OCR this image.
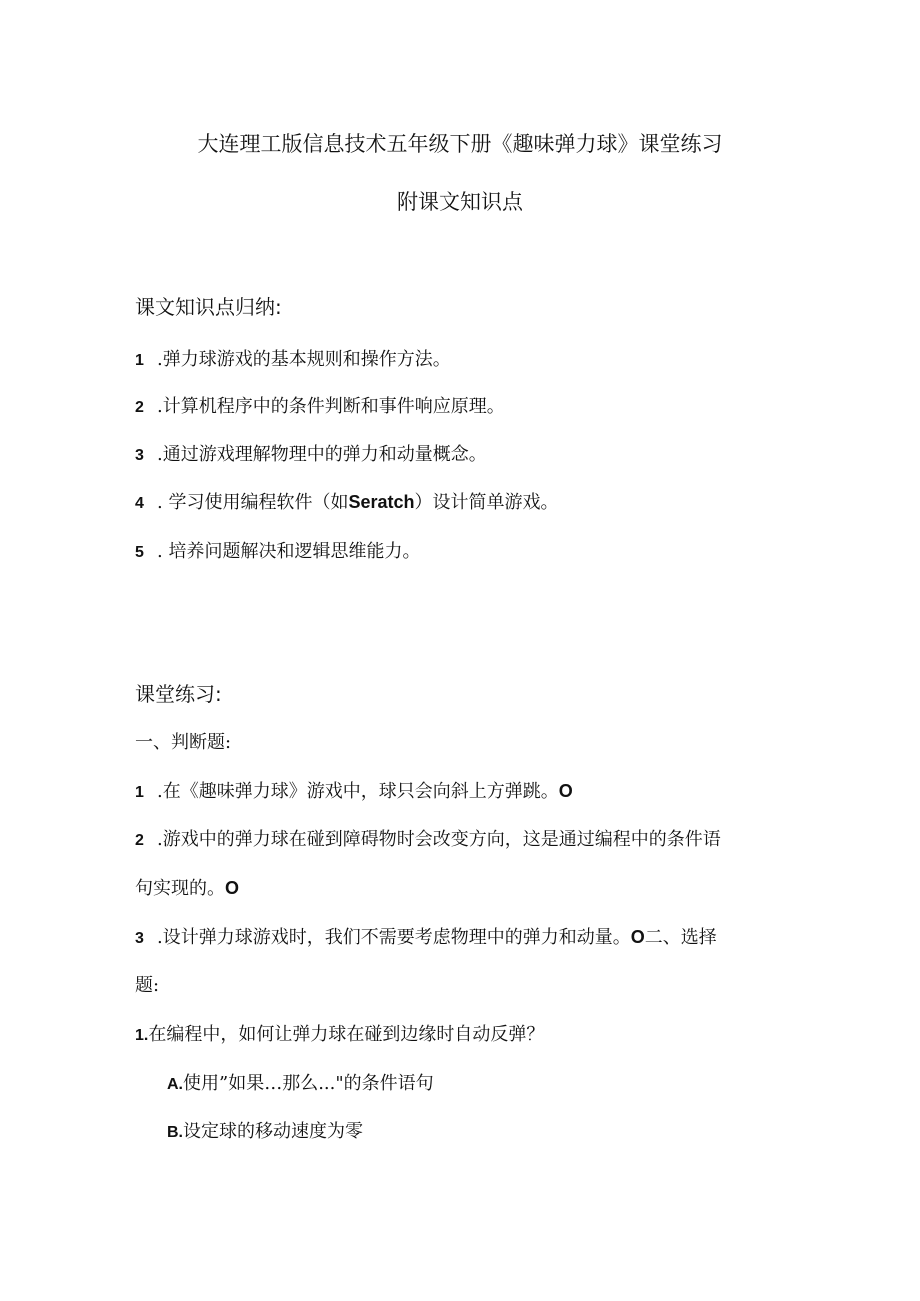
大连理工版信息技术五年级下册《趣味弹力球》课堂练习
附课文知识点
课文知识点归纳:
1 .弹力球游戏的基本规则和操作方法。
2 .计算机程序中的条件判断和事件响应原理。
3 .通过游戏理解物理中的弹力和动量概念。
4 . 学习使用编程软件（如Seratch）设计简单游戏。
5 . 培养问题解决和逻辑思维能力。
课堂练习:
一、判断题:
1 .在《趣味弹力球》游戏中，球只会向斜上方弹跳。O
2 .游戏中的弹力球在碰到障碍物时会改变方向，这是通过编程中的条件语
句实现的。O
3 .设计弹力球游戏时，我们不需要考虑物理中的弹力和动量。O二、选择
题:
1.在编程中，如何让弹力球在碰到边缘时自动反弹？
A.使用”如果…那么..."的条件语句
B.设定球的移动速度为零
